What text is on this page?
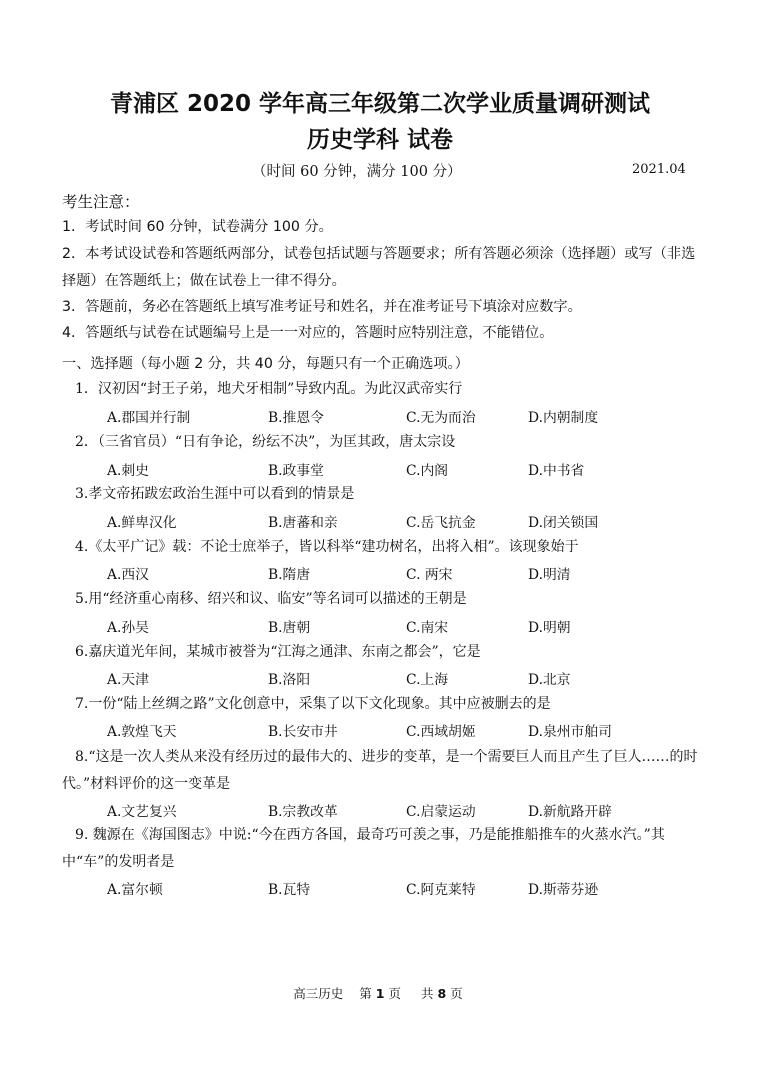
青浦区 2020 学年高三年级第二次学业质量调研测试
历史学科 试卷
（时间 60 分钟，满分 100 分）	2021.04
考生注意：
1．考试时间 60 分钟，试卷满分 100 分。
2．本考试设试卷和答题纸两部分，试卷包括试题与答题要求；所有答题必须涂（选择题）或写（非选择题）在答题纸上；做在试卷上一律不得分。
3．答题前，务必在答题纸上填写准考证号和姓名，并在准考证号下填涂对应数字。
4．答题纸与试卷在试题编号上是一一对应的，答题时应特别注意，不能错位。
一、选择题（每小题 2 分，共 40 分，每题只有一个正确选项。）
1．汉初因“封王子弟，地犬牙相制”导致内乱。为此汉武帝实行
A.郡国并行制	B.推恩令	C.无为而治	D.内朝制度
2．（三省官员）“日有争论，纷纭不决”，为匡其政，唐太宗设
A.刺史	B.政事堂	C.内阁	D.中书省
3.孝文帝拓跋宏政治生涯中可以看到的情景是
A.鲜卑汉化	B.唐蕃和亲	C.岳飞抗金	D.闭关锁国
4.《太平广记》载：不论士庶举子，皆以科举“建功树名，出将入相”。该现象始于
A.西汉	B.隋唐	C. 两宋	D.明清
5.用“经济重心南移、绍兴和议、临安”等名词可以描述的王朝是
A.孙吴	B.唐朝	C.南宋	D.明朝
6.嘉庆道光年间，某城市被誉为“江海之通津、东南之都会”，它是
A.天津	B.洛阳	C.上海	D.北京
7.一份“陆上丝绸之路”文化创意中，采集了以下文化现象。其中应被删去的是
A.敦煌飞天	B.长安市井	C.西域胡姬	D.泉州市舶司
8.“这是一次人类从来没有经历过的最伟大的、进步的变革，是一个需要巨人而且产生了巨人……的时代。”材料评价的这一变革是
A.文艺复兴	B.宗教改革	C.启蒙运动	D.新航路开辟
9. 魏源在《海国图志》中说:“今在西方各国，最奇巧可羡之事，乃是能推船推车的火蒸水汽。”其中“车”的发明者是
A.富尔顿	B.瓦特	C.阿克莱特	D.斯蒂芬逊
高三历史 第 1 页 共 8 页
